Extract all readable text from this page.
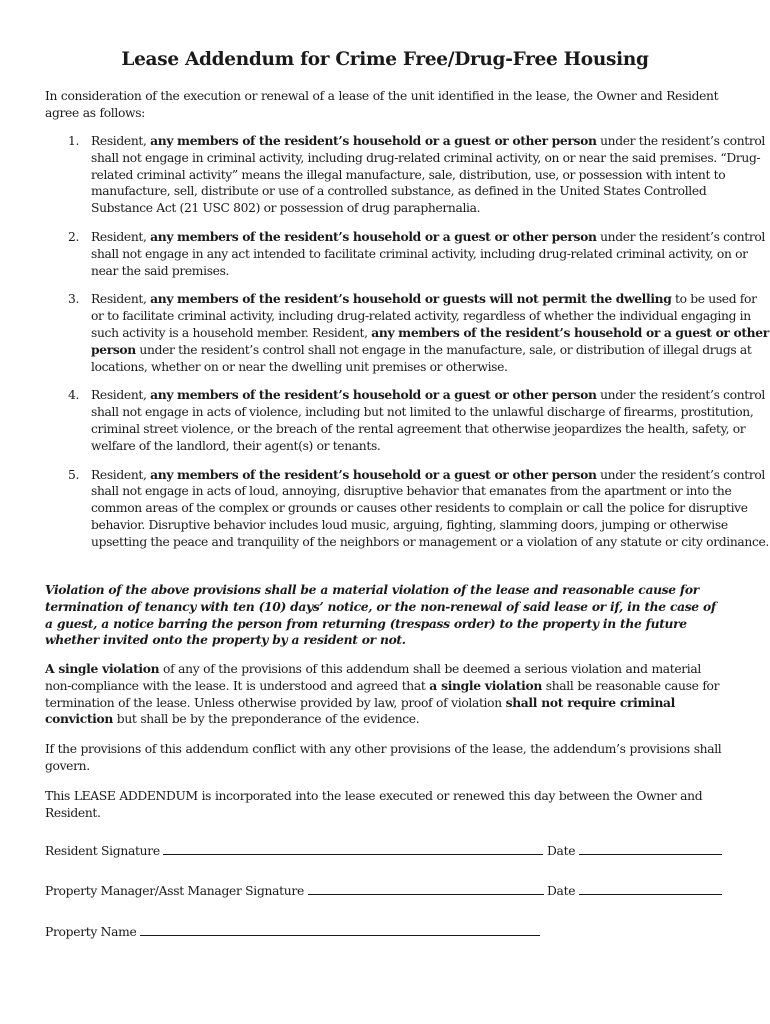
Lease Addendum for Crime Free/Drug-Free Housing
In consideration of the execution or renewal of a lease of the unit identified in the lease, the Owner and Resident agree as follows:
1. Resident, any members of the resident’s household or a guest or other person under the resident’s control shall not engage in criminal activity, including drug-related criminal activity, on or near the said premises. “Drug-related criminal activity” means the illegal manufacture, sale, distribution, use, or possession with intent to manufacture, sell, distribute or use of a controlled substance, as defined in the United States Controlled Substance Act (21 USC 802) or possession of drug paraphernalia.
2. Resident, any members of the resident’s household or a guest or other person under the resident’s control shall not engage in any act intended to facilitate criminal activity, including drug-related criminal activity, on or near the said premises.
3. Resident, any members of the resident’s household or guests will not permit the dwelling to be used for or to facilitate criminal activity, including drug-related activity, regardless of whether the individual engaging in such activity is a household member. Resident, any members of the resident’s household or a guest or other person under the resident’s control shall not engage in the manufacture, sale, or distribution of illegal drugs at locations, whether on or near the dwelling unit premises or otherwise.
4. Resident, any members of the resident’s household or a guest or other person under the resident’s control shall not engage in acts of violence, including but not limited to the unlawful discharge of firearms, prostitution, criminal street violence, or the breach of the rental agreement that otherwise jeopardizes the health, safety, or welfare of the landlord, their agent(s) or tenants.
5. Resident, any members of the resident’s household or a guest or other person under the resident’s control shall not engage in acts of loud, annoying, disruptive behavior that emanates from the apartment or into the common areas of the complex or grounds or causes other residents to complain or call the police for disruptive behavior. Disruptive behavior includes loud music, arguing, fighting, slamming doors, jumping or otherwise upsetting the peace and tranquility of the neighbors or management or a violation of any statute or city ordinance.
Violation of the above provisions shall be a material violation of the lease and reasonable cause for termination of tenancy with ten (10) days’ notice, or the non-renewal of said lease or if, in the case of a guest, a notice barring the person from returning (trespass order) to the property in the future whether invited onto the property by a resident or not.
A single violation of any of the provisions of this addendum shall be deemed a serious violation and material non-compliance with the lease. It is understood and agreed that a single violation shall be reasonable cause for termination of the lease. Unless otherwise provided by law, proof of violation shall not require criminal conviction but shall be by the preponderance of the evidence.
If the provisions of this addendum conflict with any other provisions of the lease, the addendum’s provisions shall govern.
This LEASE ADDENDUM is incorporated into the lease executed or renewed this day between the Owner and Resident.
Resident Signature	Date
Property Manager/Asst Manager Signature	Date
Property Name
